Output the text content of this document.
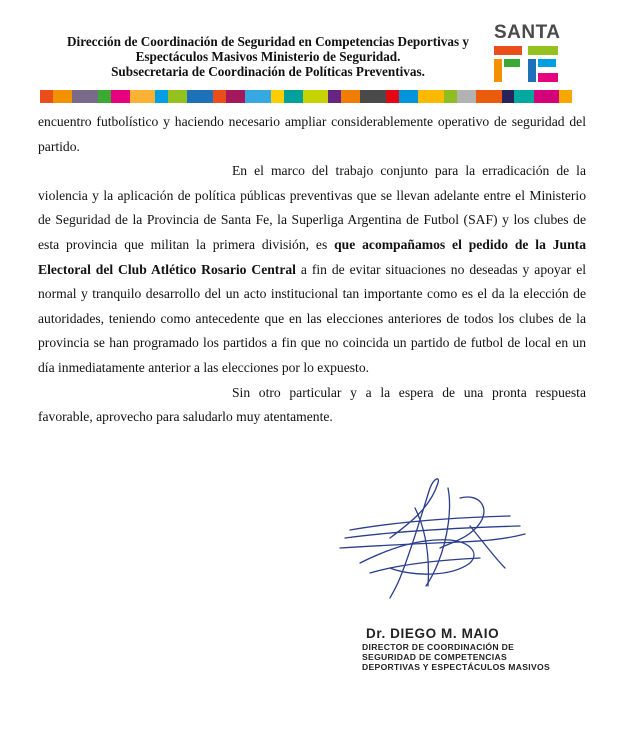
Dirección de Coordinación de Seguridad en Competencias Deportivas y
Espectáculos Masivos Ministerio de Seguridad.
Subsecretaria de Coordinación de Políticas Preventivas.
SANTA

encuentro futbolístico y haciendo necesario ampliar considerablemente operativo de seguridad del partido.

En el marco del trabajo conjunto para la erradicación de la violencia y la aplicación de política públicas preventivas que se llevan adelante entre el Ministerio de Seguridad de la Provincia de Santa Fe, la Superliga Argentina de Futbol (SAF) y los clubes de esta provincia que militan la primera división, es que acompañamos el pedido de la Junta Electoral del Club Atlético Rosario Central a fin de evitar situaciones no deseadas y apoyar el normal y tranquilo desarrollo del un acto institucional tan importante como es el da la elección de autoridades, teniendo como antecedente que en las elecciones anteriores de todos los clubes de la provincia se han programado los partidos a fin que no coincida un partido de futbol de local en un día inmediatamente anterior a las elecciones por lo expuesto.

Sin otro particular y a la espera de una pronta respuesta favorable, aprovecho para saludarlo muy atentamente.

Dr. DIEGO M. MAIO
DIRECTOR DE COORDINACIÓN DE
SEGURIDAD DE COMPETENCIAS
DEPORTIVAS Y ESPECTÁCULOS MASIVOS
